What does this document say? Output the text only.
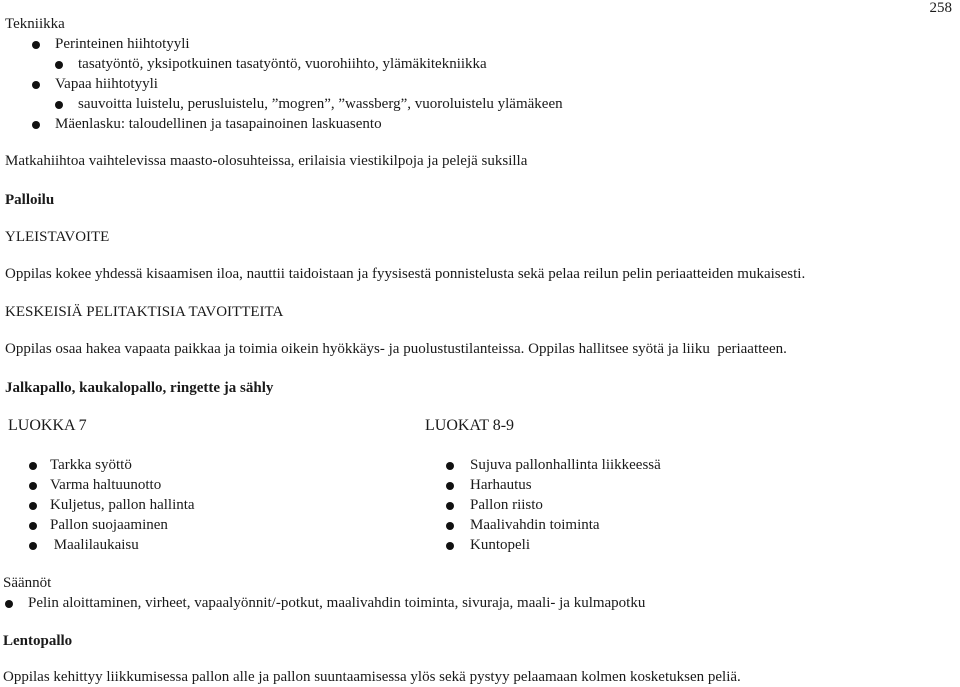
258
Tekniikka
Perinteinen hiihtotyyli
tasatyöntö, yksipotkuinen tasatyöntö, vuorohiihto, ylämäkitekniikka
Vapaa hiihtotyyli
sauvoitta luistelu, perusluistelu, ”mogren”, ”wassberg”, vuoroluistelu ylämäkeen
Mäenlasku: taloudellinen ja tasapainoinen laskuasento
Matkahiihtoa vaihtelevissa maasto-olosuhteissa, erilaisia viestikilpoja ja pelejä suksilla
Palloilu
YLEISTAVOITE
Oppilas kokee yhdessä kisaamisen iloa, nauttii taidoistaan ja fyysisestä ponnistelusta sekä pelaa reilun pelin periaatteiden mukaisesti.
KESKEISIÄ PELITAKTISIA TAVOITTEITA
Oppilas osaa hakea vapaata paikkaa ja toimia oikein hyökkäys- ja puolustustilanteissa. Oppilas hallitsee syötä ja liiku periaatteen.
Jalkapallo, kaukalopallo, ringette ja sähly
LUOKKA 7	LUOKAT 8-9
Tarkka syöttö
Varma haltuunotto
Kuljetus, pallon hallinta
Pallon suojaaminen
Maalilaukaisu
Sujuva pallonhallinta liikkeessä
Harhautus
Pallon riisto
Maalivahdin toiminta
Kuntopeli
Säännöt
Pelin aloittaminen, virheet, vapaalyönnit/-potkut, maalivahdin toiminta, sivuraja, maali- ja kulmapotku
Lentopallo
Oppilas kehittyy liikkumisessa pallon alle ja pallon suuntaamisessa ylös sekä pystyy pelaamaan kolmen kosketuksen peliä.
